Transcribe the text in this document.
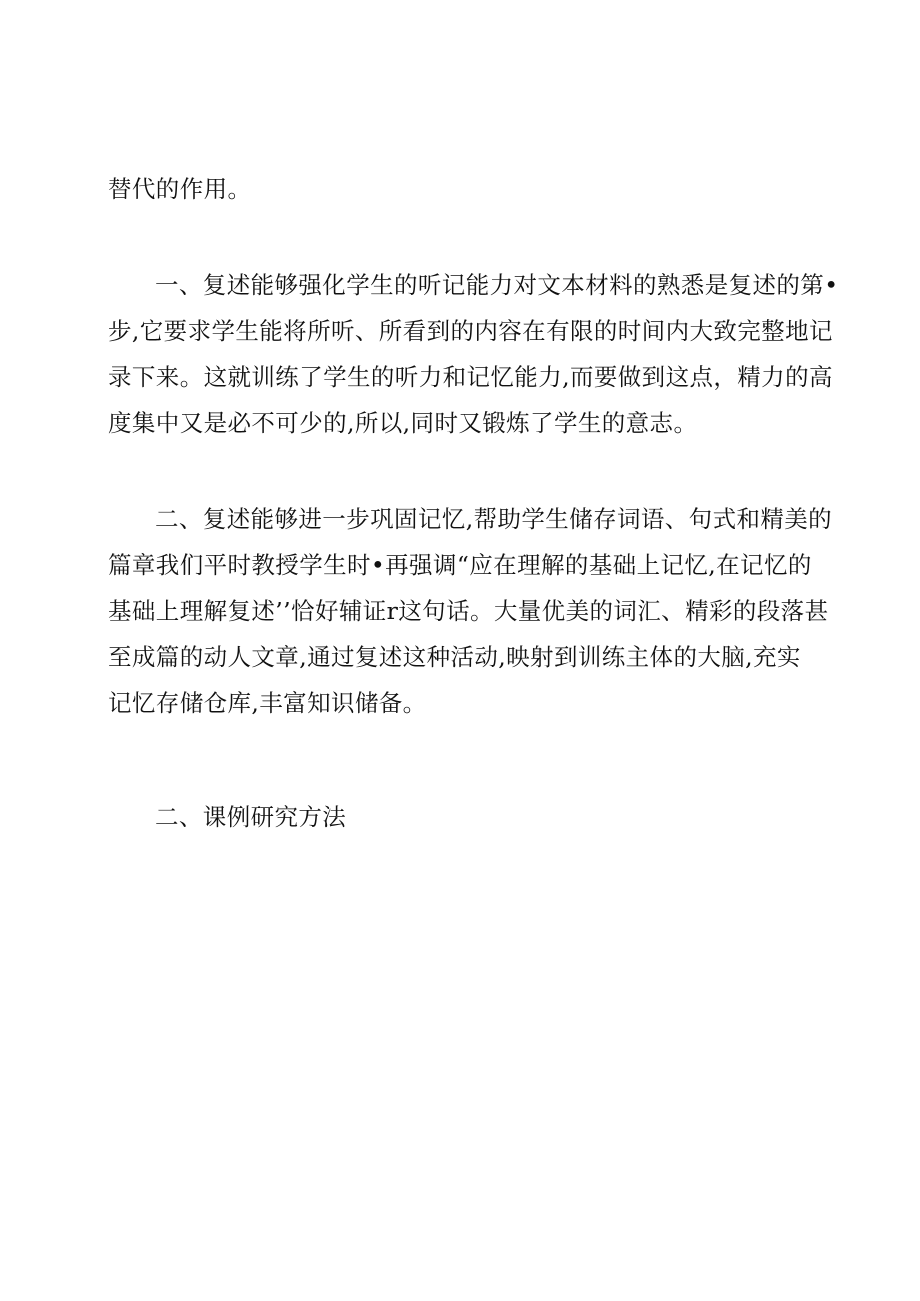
替代的作用。

一、复述能够强化学生的听记能力对文本材料的熟悉是复述的第•
步,它要求学生能将所听、所看到的内容在有限的时间内大致完整地记
录下来。这就训练了学生的听力和记忆能力,而要做到这点，精力的高
度集中又是必不可少的,所以,同时又锻炼了学生的意志。

二、复述能够进一步巩固记忆,帮助学生储存词语、句式和精美的
篇章我们平时教授学生时•再强调“应在理解的基础上记忆,在记忆的
基础上理解复述’’恰好辅证r这句话。大量优美的词汇、精彩的段落甚
至成篇的动人文章,通过复述这种活动,映射到训练主体的大脑,充实
记忆存储仓库,丰富知识储备。

二、课例研究方法
